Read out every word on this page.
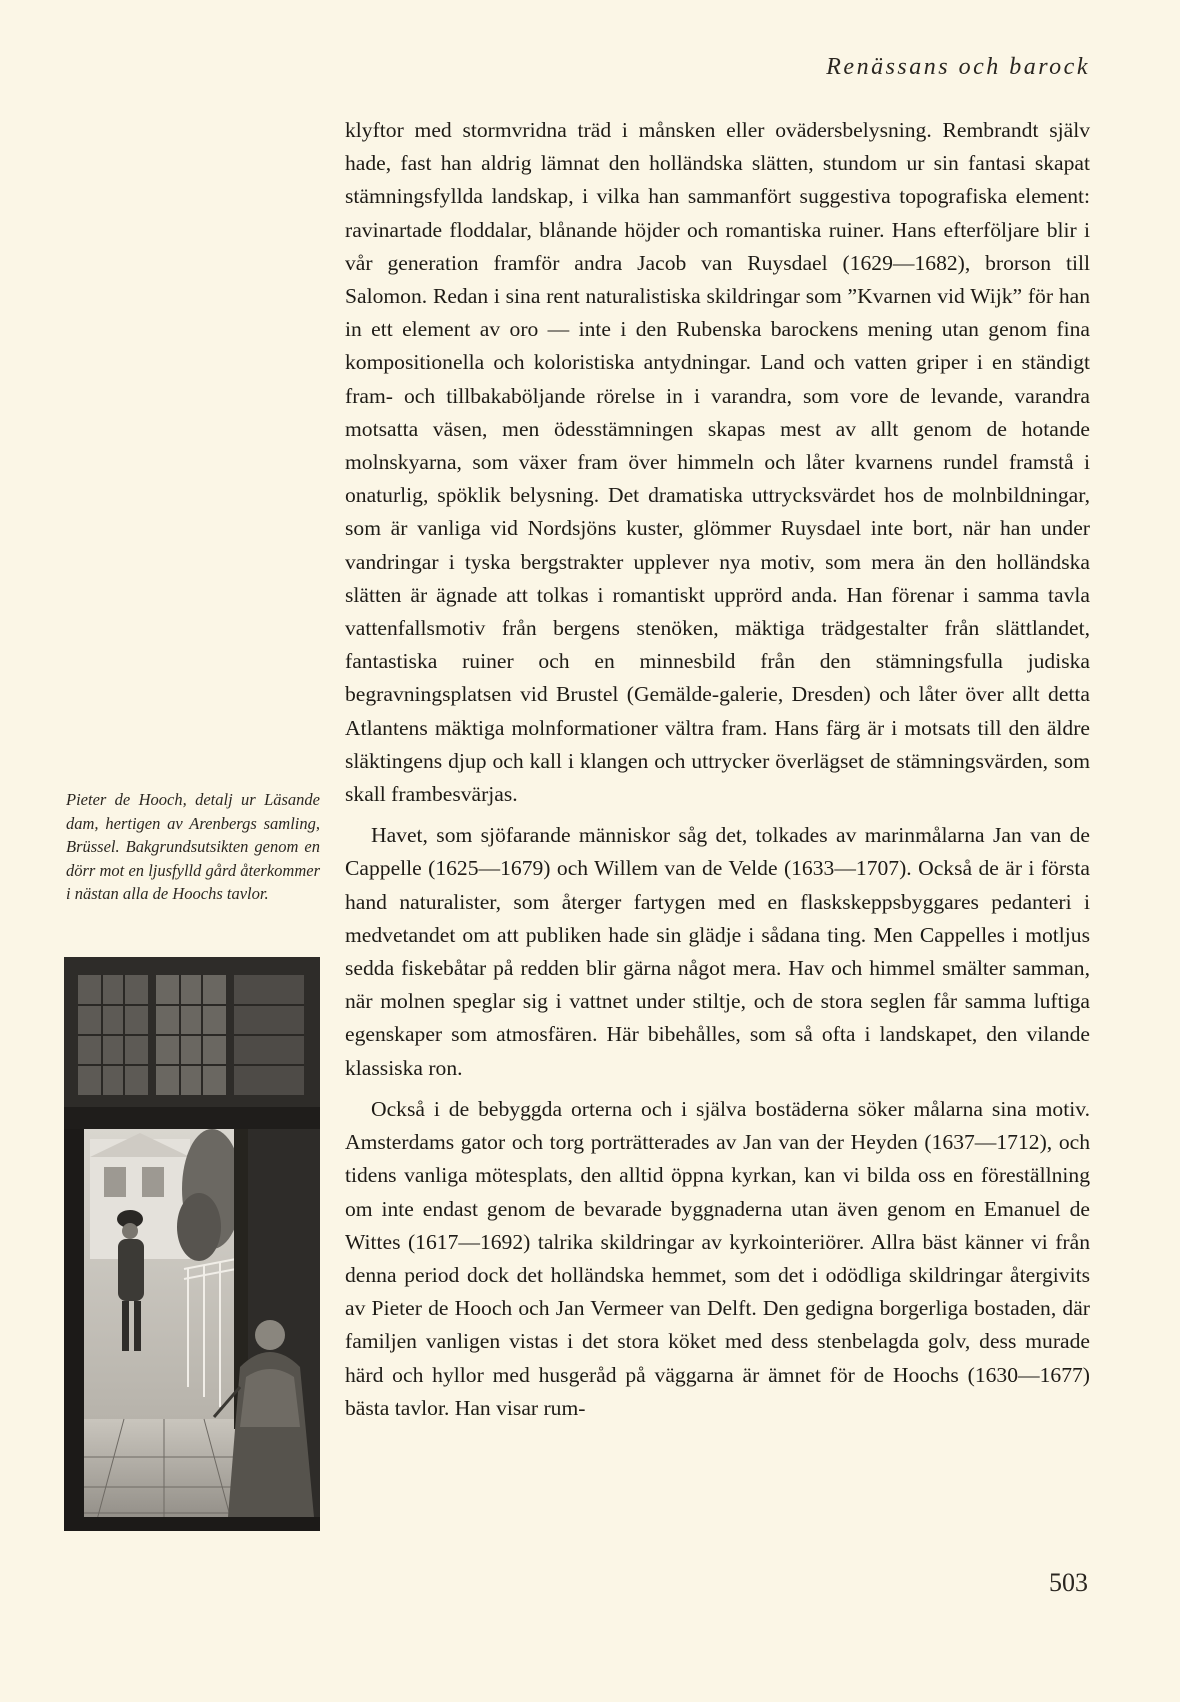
Renässans och barock

klyftor med stormvridna träd i månsken eller ovädersbelysning. Rembrandt själv hade, fast han aldrig lämnat den holländska slätten, stundom ur sin fantasi skapat stämningsfyllda landskap, i vilka han sammanfört suggestiva topografiska element: ravinartade floddalar, blånande höjder och romantiska ruiner. Hans efterföljare blir i vår generation framför andra Jacob van Ruysdael (1629—1682), brorson till Salomon. Redan i sina rent naturalistiska skildringar som ”Kvarnen vid Wijk” för han in ett element av oro — inte i den Rubenska barockens mening utan genom fina kompositionella och koloristiska antydningar. Land och vatten griper i en ständigt fram- och tillbakaböljande rörelse in i varandra, som vore de levande, varandra motsatta väsen, men ödesstämningen skapas mest av allt genom de hotande molnskyarna, som växer fram över himmeln och låter kvarnens rundel framstå i onaturlig, spöklik belysning. Det dramatiska uttrycksvärdet hos de molnbildningar, som är vanliga vid Nordsjöns kuster, glömmer Ruysdael inte bort, när han under vandringar i tyska bergstrakter upplever nya motiv, som mera än den holländska slätten är ägnade att tolkas i romantiskt upprörd anda. Han förenar i samma tavla vattenfallsmotiv från bergens stenöken, mäktiga trädgestalter från slättlandet, fantastiska ruiner och en minnesbild från den stämningsfulla judiska begravningsplatsen vid Brustel (Gemälde-galerie, Dresden) och låter över allt detta Atlantens mäktiga molnformationer vältra fram. Hans färg är i motsats till den äldre släktingens djup och kall i klangen och uttrycker överlägset de stämningsvärden, som skall frambesvärjas.

Havet, som sjöfarande människor såg det, tolkades av marinmålarna Jan van de Cappelle (1625—1679) och Willem van de Velde (1633—1707). Också de är i första hand naturalister, som återger fartygen med en flaskskeppsbyggares pedanteri i medvetandet om att publiken hade sin glädje i sådana ting. Men Cappelles i motljus sedda fiskebåtar på redden blir gärna något mera. Hav och himmel smälter samman, när molnen speglar sig i vattnet under stiltje, och de stora seglen får samma luftiga egenskaper som atmosfären. Här bibehålles, som så ofta i landskapet, den vilande klassiska ron.

Också i de bebyggda orterna och i själva bostäderna söker målarna sina motiv. Amsterdams gator och torg porträtterades av Jan van der Heyden (1637—1712), och tidens vanliga mötesplats, den alltid öppna kyrkan, kan vi bilda oss en föreställning om inte endast genom de bevarade byggnaderna utan även genom en Emanuel de Wittes (1617—1692) talrika skildringar av kyrkointeriörer. Allra bäst känner vi från denna period dock det holländska hemmet, som det i odödliga skildringar återgivits av Pieter de Hooch och Jan Vermeer van Delft. Den gedigna borgerliga bostaden, där familjen vanligen vistas i det stora köket med dess stenbelagda golv, dess murade härd och hyllor med husgeråd på väggarna är ämnet för de Hoochs (1630—1677) bästa tavlor. Han visar rum-

Pieter de Hooch, detalj ur Läsande dam, hertigen av Arenbergs samling, Brüssel. Bakgrundsutsikten genom en dörr mot en ljusfylld gård återkommer i nästan alla de Hoochs tavlor.

503
